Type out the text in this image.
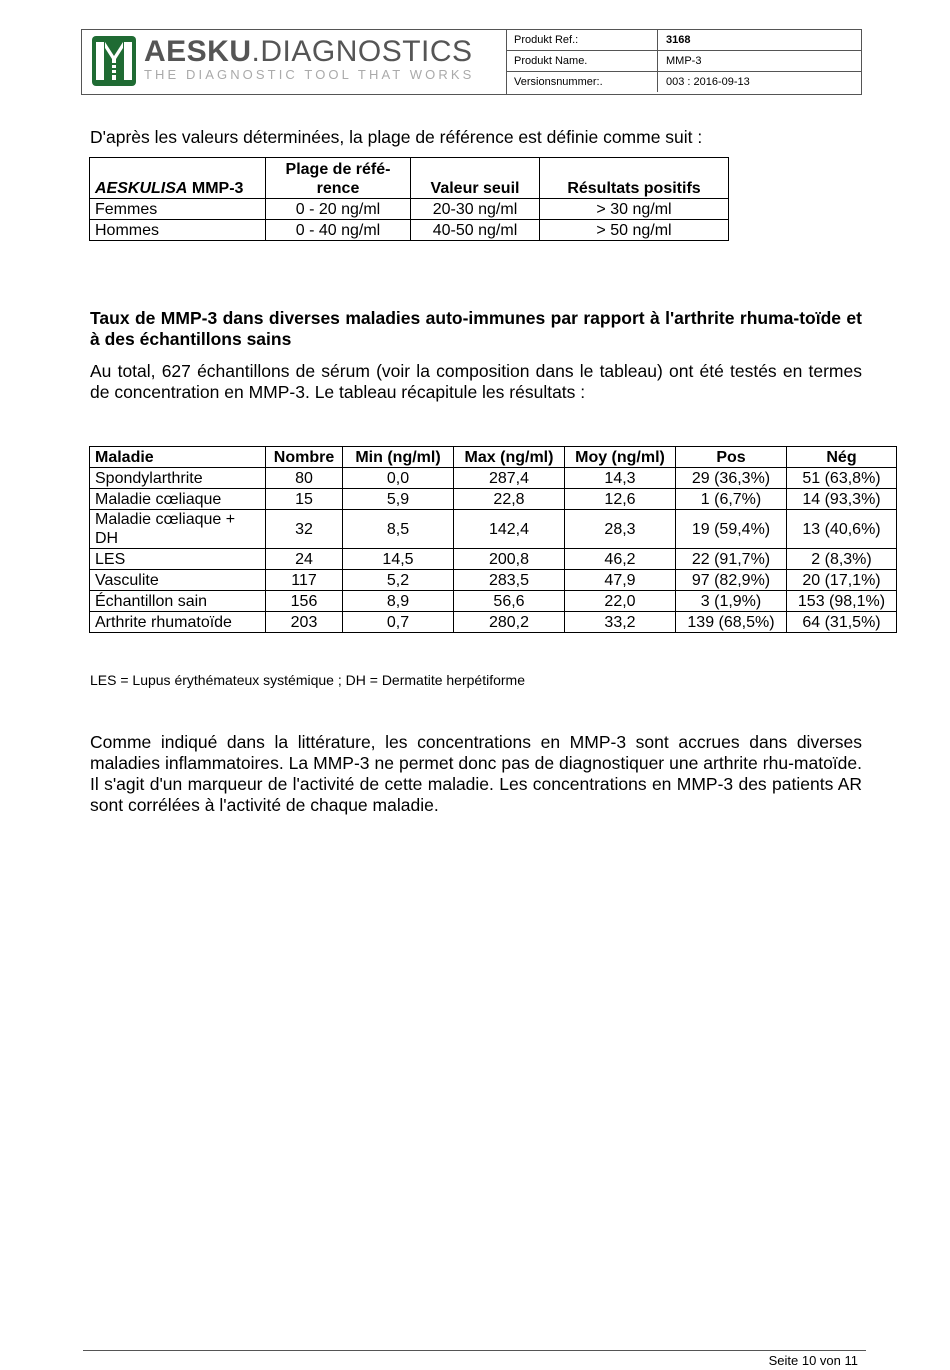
AESKU.DIAGNOSTICS
THE DIAGNOSTIC TOOL THAT WORKS
Produkt Ref.:	3168
Produkt Name.	MMP-3
Versionsnummer:.	003 : 2016-09-13
D'après les valeurs déterminées, la plage de référence est définie comme suit :
AESKULISA MMP-3	Plage de réfé-rence	Valeur seuil	Résultats positifs
Femmes	0 - 20 ng/ml	20-30 ng/ml	> 30 ng/ml
Hommes	0 - 40 ng/ml	40-50 ng/ml	> 50 ng/ml
Taux de MMP-3 dans diverses maladies auto-immunes par rapport à l'arthrite rhuma-toïde et à des échantillons sains
Au total, 627 échantillons de sérum (voir la composition dans le tableau) ont été testés en termes de concentration en MMP-3. Le tableau récapitule les résultats :
Maladie	Nombre	Min (ng/ml)	Max (ng/ml)	Moy (ng/ml)	Pos	Nég
Spondylarthrite	80	0,0	287,4	14,3	29 (36,3%)	51 (63,8%)
Maladie cœliaque	15	5,9	22,8	12,6	1 (6,7%)	14 (93,3%)
Maladie cœliaque + DH	32	8,5	142,4	28,3	19 (59,4%)	13 (40,6%)
LES	24	14,5	200,8	46,2	22 (91,7%)	2 (8,3%)
Vasculite	117	5,2	283,5	47,9	97 (82,9%)	20 (17,1%)
Échantillon sain	156	8,9	56,6	22,0	3 (1,9%)	153 (98,1%)
Arthrite rhumatoïde	203	0,7	280,2	33,2	139 (68,5%)	64 (31,5%)
LES = Lupus érythémateux systémique ; DH = Dermatite herpétiforme
Comme indiqué dans la littérature, les concentrations en MMP-3 sont accrues dans diverses maladies inflammatoires. La MMP-3 ne permet donc pas de diagnostiquer une arthrite rhu-matoïde. Il s'agit d'un marqueur de l'activité de cette maladie. Les concentrations en MMP-3 des patients AR sont corrélées à l'activité de chaque maladie.
Seite 10 von 11
